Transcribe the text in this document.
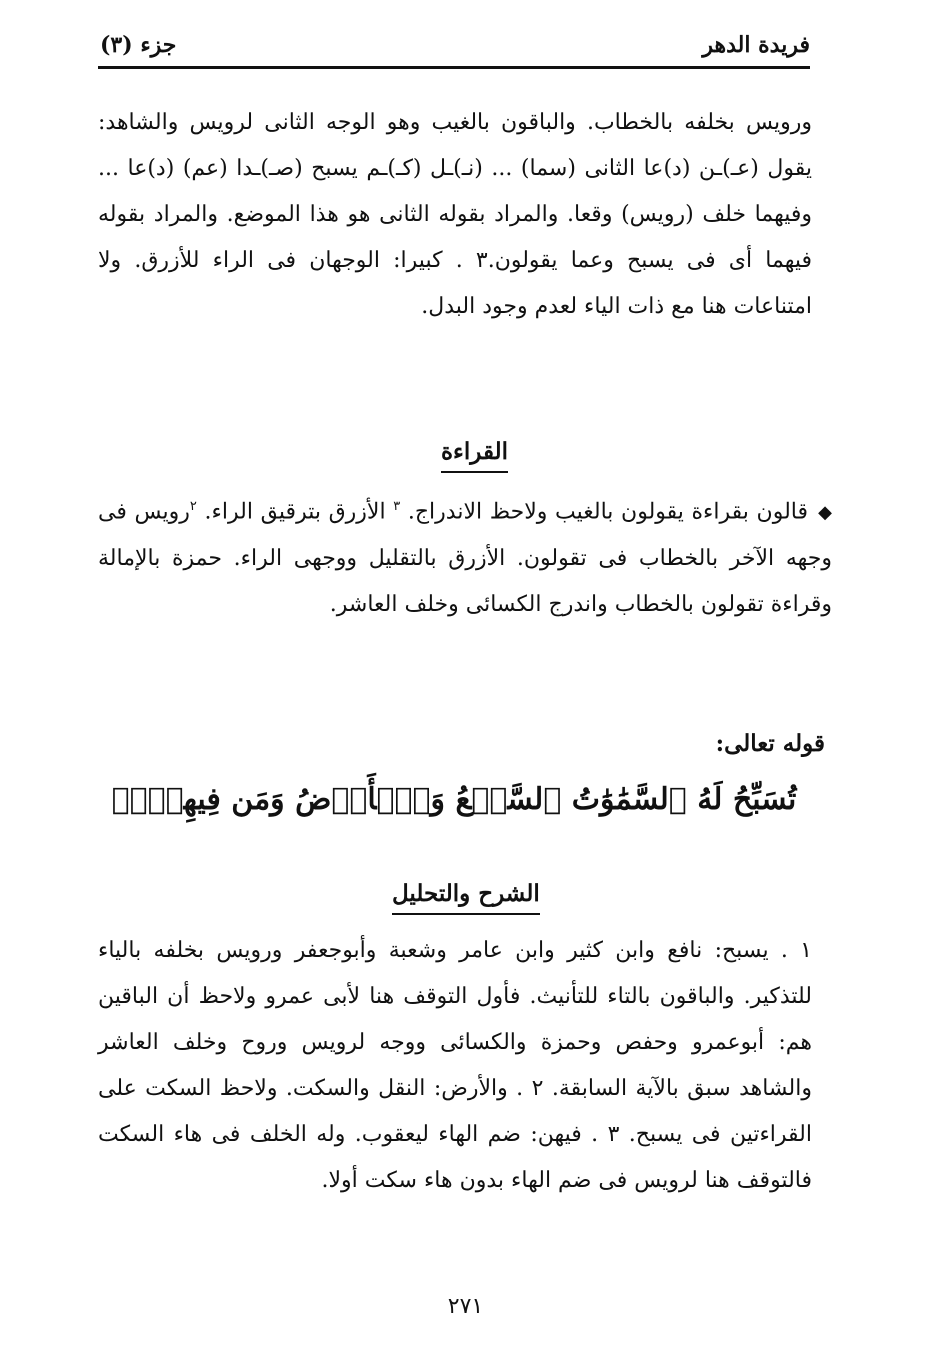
فريدة الدهر
جزء (٣)

ورويس بخلفه بالخطاب. والباقون بالغيب وهو الوجه الثانى لرويس والشاهد: يقول (عـ)ـن (د)عا الثانى (سما) ... (نـ)ـل (كـ)ـم يسبح (صـ)ـدا (عم) (د)عا ... وفيهما خلف (رويس) وقعا. والمراد بقوله الثانى هو هذا الموضع. والمراد بقوله فيهما أى فى يسبح وعما يقولون.٣ . كبيرا: الوجهان فى الراء للأزرق. ولا امتناعات هنا مع ذات الياء لعدم وجود البدل.

القراءة

◆قالون بقراءة يقولون بالغيب ولاحظ الاندراج. $^٣$ الأزرق بترقيق الراء. $^٢$رويس فى وجهه الآخر بالخطاب فى تقولون. الأزرق بالتقليل ووجهى الراء. حمزة بالإمالة وقراءة تقولون بالخطاب واندرج الكسائى وخلف العاشر.

قوله تعالى:
تُسَبِّحُ لَهُ ٱلسَّمَٰوَٰتُ ٱلسَّبۡعُ وَٱلۡأَرۡضُ وَمَن فِيهِنَّۚ
الشرح والتحليل

١ . يسبح: نافع وابن كثير وابن عامر وشعبة وأبوجعفر ورويس بخلفه بالياء للتذكير. والباقون بالتاء للتأنيث. فأول التوقف هنا لأبى عمرو ولاحظ أن الباقين هم: أبوعمرو وحفص وحمزة والكسائى ووجه لرويس وروح وخلف العاشر والشاهد سبق بالآية السابقة. ٢ . والأرض: النقل والسكت. ولاحظ السكت على القراءتين فى يسبح. ٣ . فيهن: ضم الهاء ليعقوب. وله الخلف فى هاء السكت فالتوقف هنا لرويس فى ضم الهاء بدون هاء سكت أولا.

٢٧١
